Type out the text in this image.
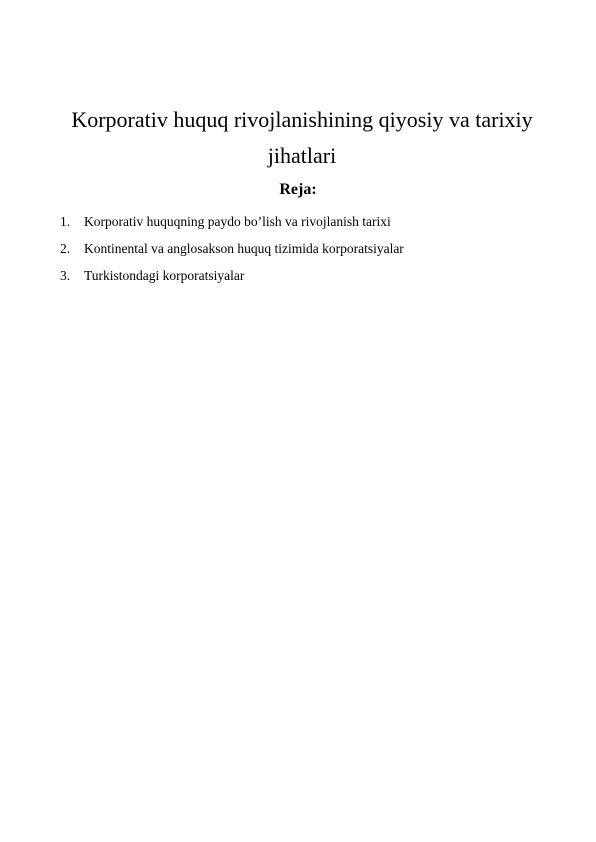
Korporativ huquq rivojlanishining qiyosiy va tarixiy jihatlari
Reja:
1.	Korporativ huquqning paydo bo’lish va rivojlanish tarixi
2.	Kontinental va anglosakson huquq tizimida korporatsiyalar
3.	Turkistondagi korporatsiyalar
